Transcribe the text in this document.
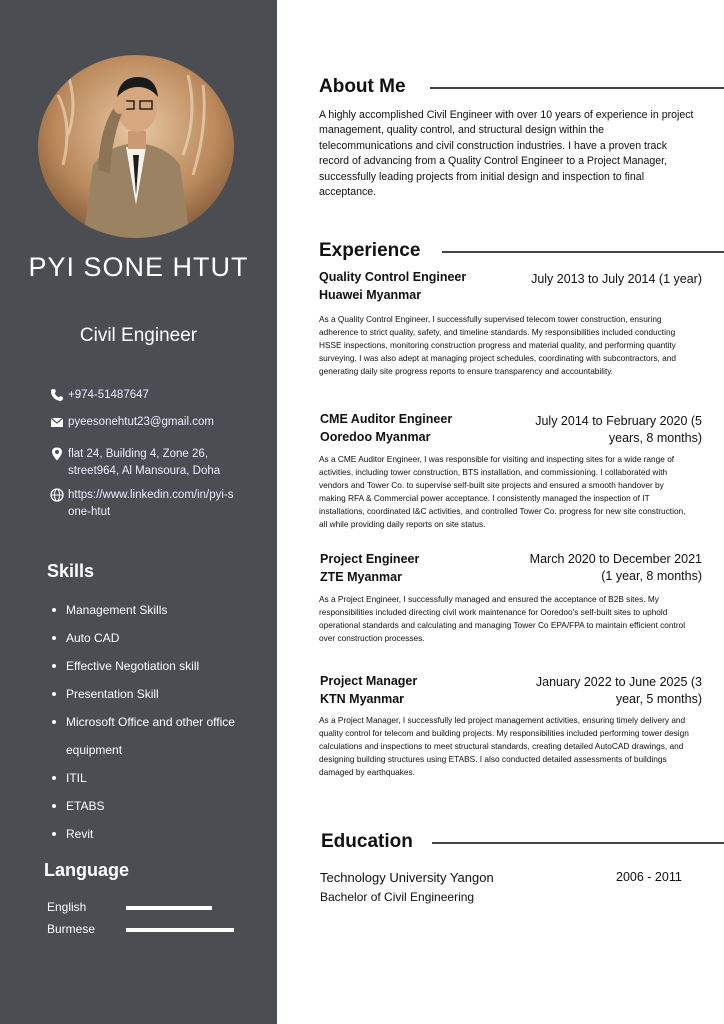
PYI SONE HTUT
Civil Engineer
+974-51487647
pyeesonehtut23@gmail.com
flat 24, Building 4, Zone 26, street964, Al Mansoura, Doha
https://www.linkedin.com/in/pyi-sone-htut
Skills
Management Skills
Auto CAD
Effective Negotiation skill
Presentation Skill
Microsoft Office and other office equipment
ITIL
ETABS
Revit
Language
English
Burmese
About Me
A highly accomplished Civil Engineer with over 10 years of experience in project management, quality control, and structural design within the telecommunications and civil construction industries. I have a proven track record of advancing from a Quality Control Engineer to a Project Manager, successfully leading projects from initial design and inspection to final acceptance.
Experience
Quality Control Engineer
Huawei Myanmar
July 2013 to July 2014 (1 year)
As a Quality Control Engineer, I successfully supervised telecom tower construction, ensuring adherence to strict quality, safety, and timeline standards. My responsibilities included conducting HSSE inspections, monitoring construction progress and material quality, and performing quantity surveying. I was also adept at managing project schedules, coordinating with subcontractors, and generating daily site progress reports to ensure transparency and accountability.
CME Auditor Engineer
Ooredoo Myanmar
July 2014 to February 2020 (5 years, 8 months)
As a CME Auditor Engineer, I was responsible for visiting and inspecting sites for a wide range of activities, including tower construction, BTS installation, and commissioning. I collaborated with vendors and Tower Co. to supervise self-built site projects and ensured a smooth handover by making RFA & Commercial power acceptance. I consistently managed the inspection of IT installations, coordinated I&C activities, and controlled Tower Co. progress for new site construction, all while providing daily reports on site status.
Project Engineer
ZTE Myanmar
March 2020 to December 2021 (1 year, 8 months)
As a Project Engineer, I successfully managed and ensured the acceptance of B2B sites. My responsibilities included directing civil work maintenance for Ooredoo's self-built sites to uphold operational standards and calculating and managing Tower Co EPA/FPA to maintain efficient control over construction processes.
Project Manager
KTN Myanmar
January 2022 to June 2025 (3 year, 5 months)
As a Project Manager, I successfully led project management activities, ensuring timely delivery and quality control for telecom and building projects. My responsibilities included performing tower design calculations and inspections to meet structural standards, creating detailed AutoCAD drawings, and designing building structures using ETABS. I also conducted detailed assessments of buildings damaged by earthquakes.
Education
Technology University Yangon	2006 - 2011
Bachelor of Civil Engineering
